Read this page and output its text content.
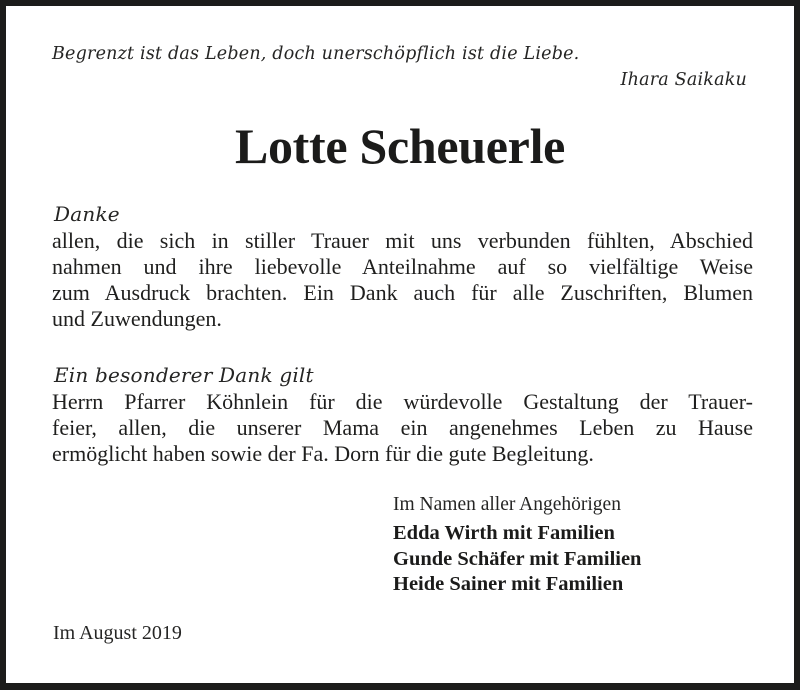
Begrenzt ist das Leben, doch unerschöpflich ist die Liebe.
Ihara Saikaku
Lotte Scheuerle
Danke
allen, die sich in stiller Trauer mit uns verbunden fühlten, Abschied
nahmen und ihre liebevolle Anteilnahme auf so vielfältige Weise
zum Ausdruck brachten. Ein Dank auch für alle Zuschriften, Blumen
und Zuwendungen.
Ein besonderer Dank gilt
Herrn Pfarrer Köhnlein für die würdevolle Gestaltung der Trauer-
feier, allen, die unserer Mama ein angenehmes Leben zu Hause
ermöglicht haben sowie der Fa. Dorn für die gute Begleitung.
Im Namen aller Angehörigen
Edda Wirth mit Familien
Gunde Schäfer mit Familien
Heide Sainer mit Familien
Im August 2019
